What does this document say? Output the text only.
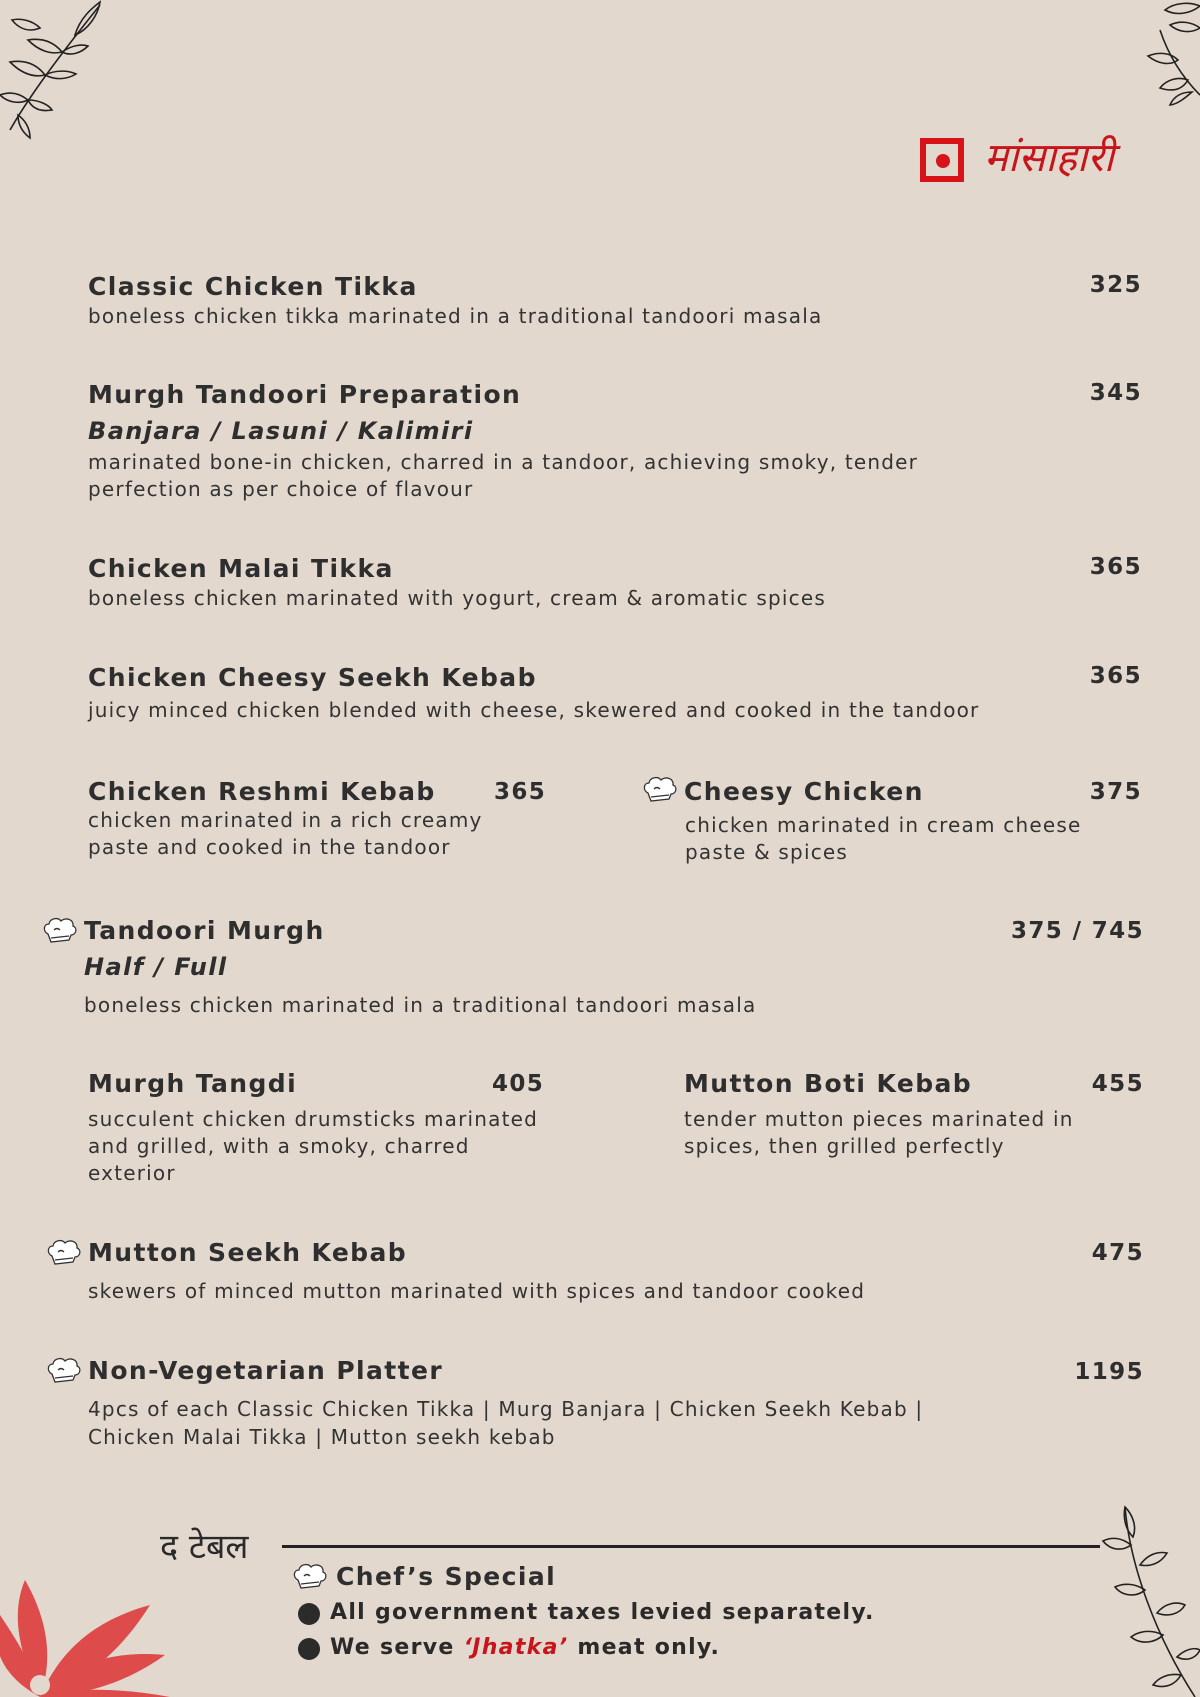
मांसाहारी
Classic Chicken Tikka	325
boneless chicken tikka marinated in a traditional tandoori masala
Murgh Tandoori Preparation	345
Banjara / Lasuni / Kalimiri
marinated bone-in chicken, charred in a tandoor, achieving smoky, tender
perfection as per choice of flavour
Chicken Malai Tikka	365
boneless chicken marinated with yogurt, cream & aromatic spices
Chicken Cheesy Seekh Kebab	365
juicy minced chicken blended with cheese, skewered and cooked in the tandoor
Chicken Reshmi Kebab	365
chicken marinated in a rich creamy
paste and cooked in the tandoor
Cheesy Chicken	375
chicken marinated in cream cheese
paste & spices
Tandoori Murgh	375 / 745
Half / Full
boneless chicken marinated in a traditional tandoori masala
Murgh Tangdi	405
succulent chicken drumsticks marinated
and grilled, with a smoky, charred
exterior
Mutton Boti Kebab	455
tender mutton pieces marinated in
spices, then grilled perfectly
Mutton Seekh Kebab	475
skewers of minced mutton marinated with spices and tandoor cooked
Non-Vegetarian Platter	1195
4pcs of each Classic Chicken Tikka | Murg Banjara | Chicken Seekh Kebab |
Chicken Malai Tikka | Mutton seekh kebab
द टेबल
Chef’s Special
All government taxes levied separately.
We serve ‘Jhatka’ meat only.
